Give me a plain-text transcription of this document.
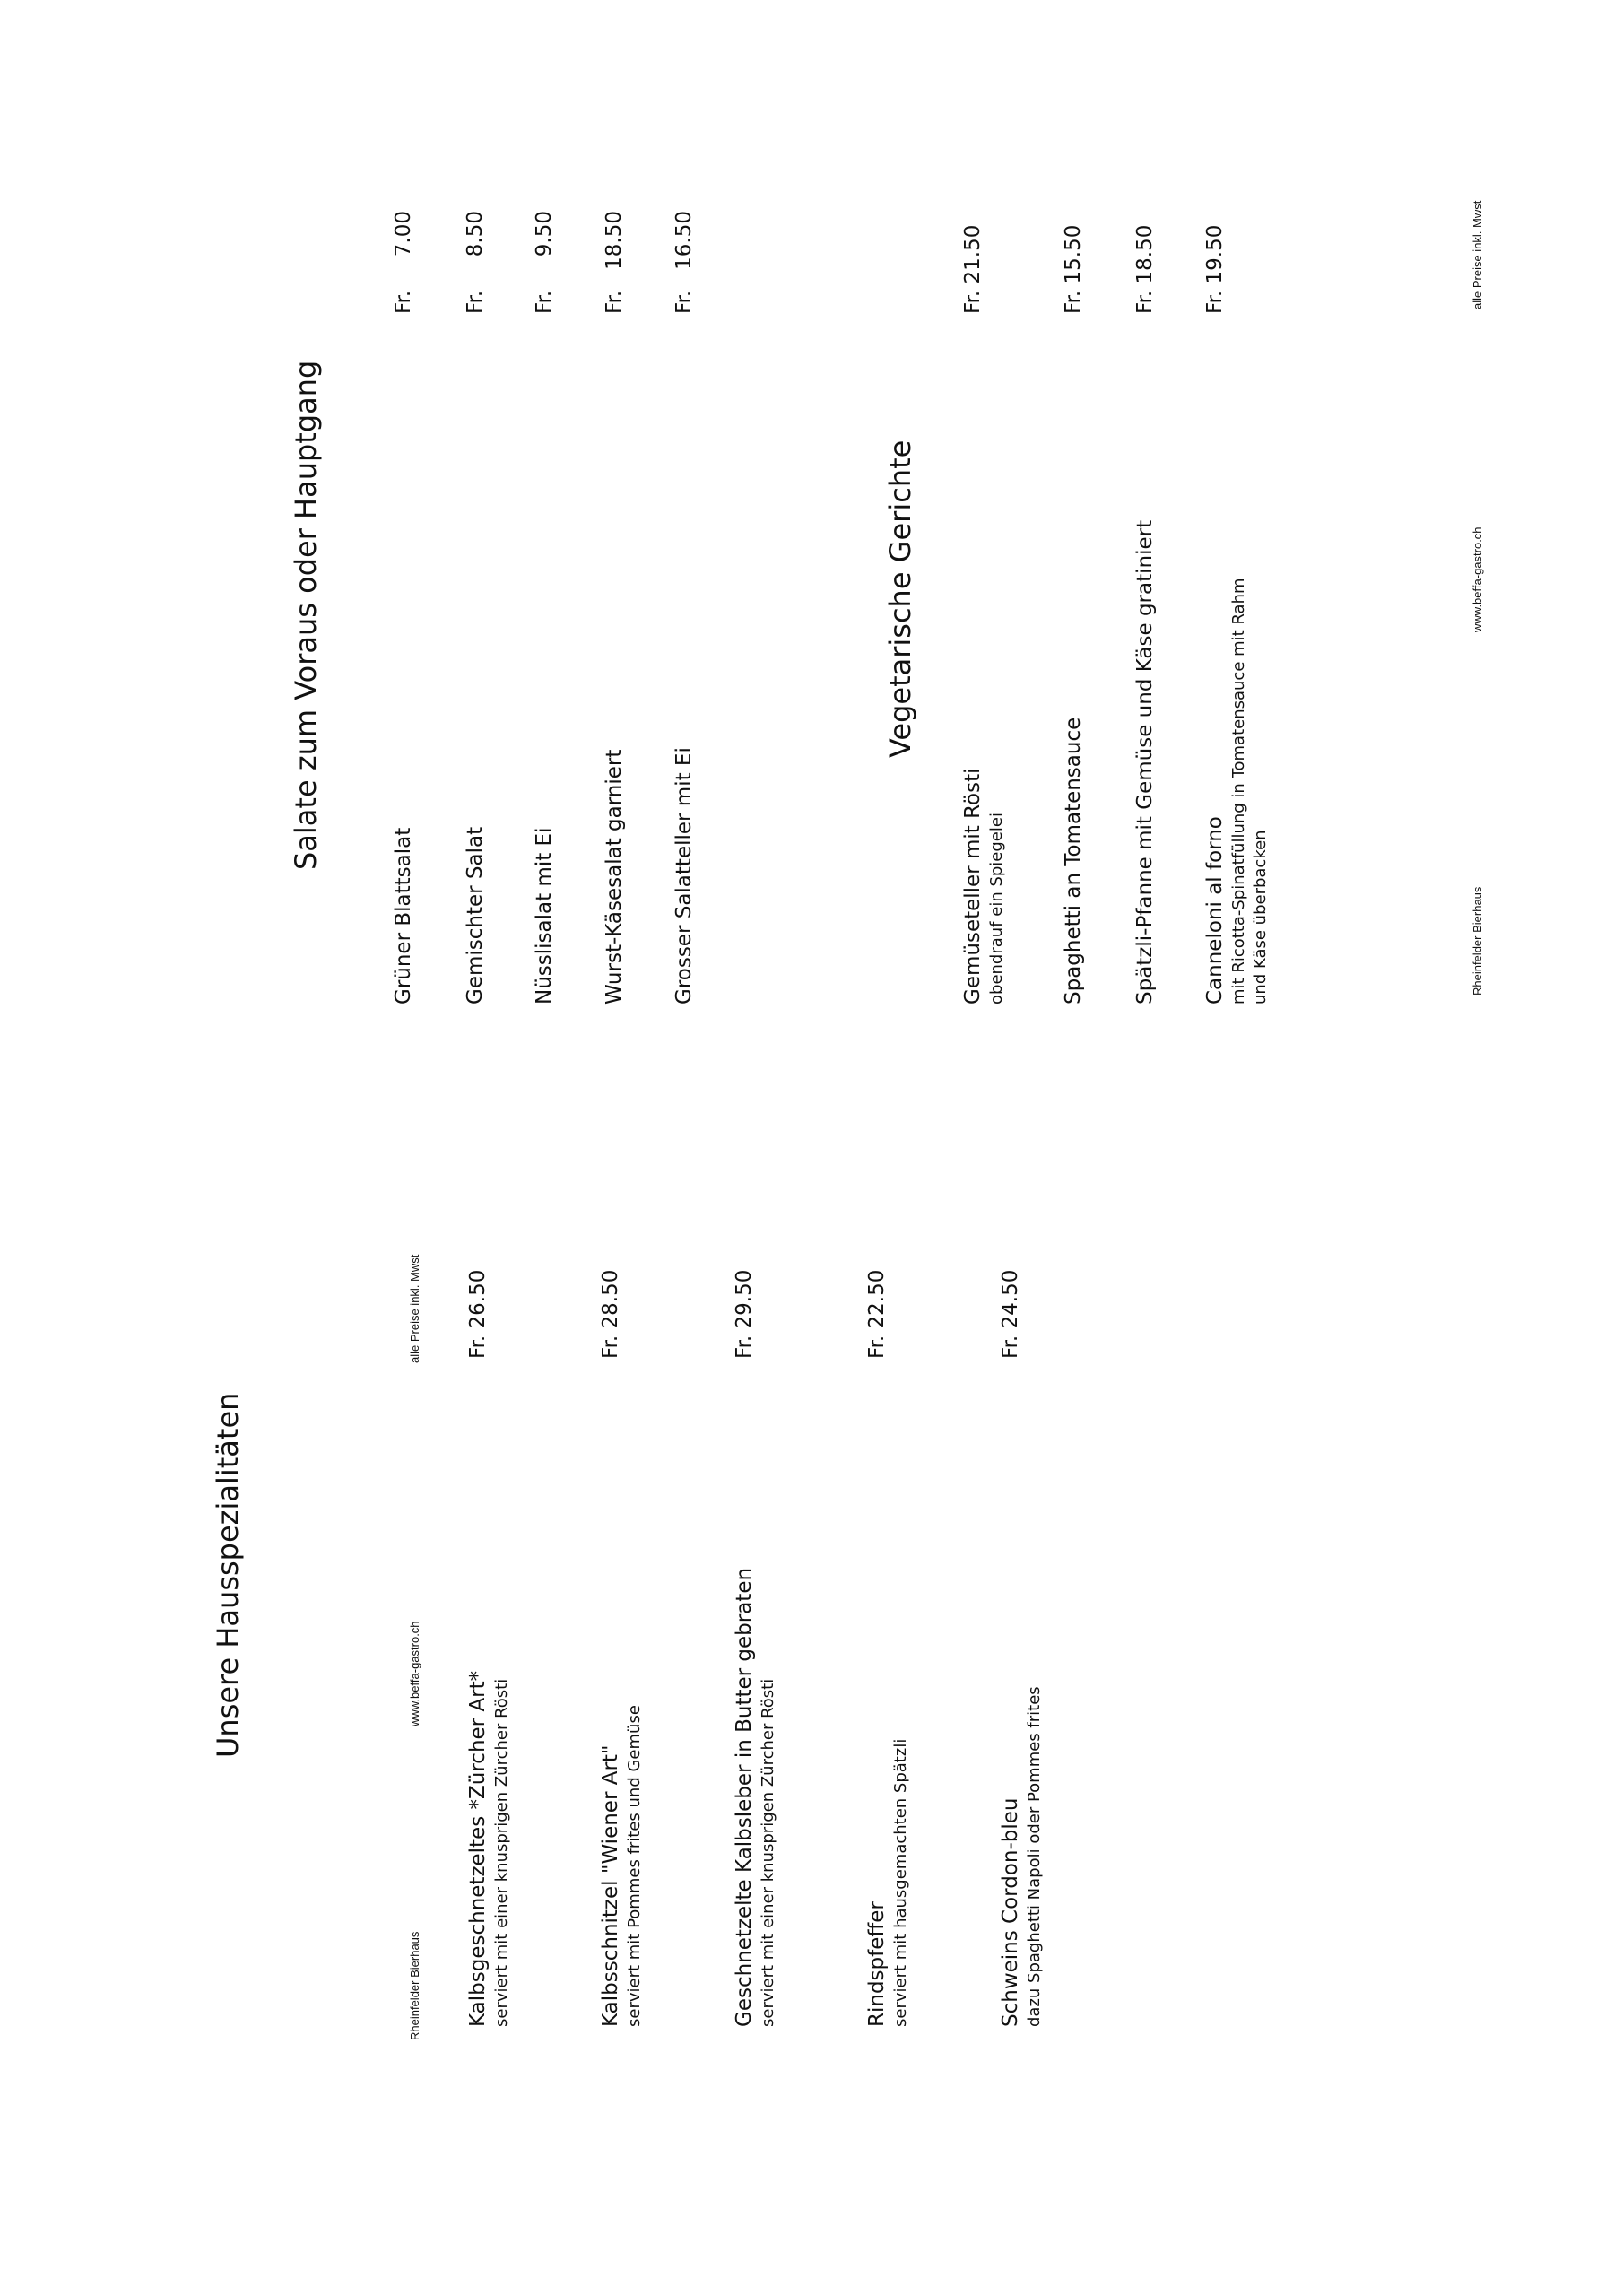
Unsere Hausspezialitäten
Kalbsgeschnetzeltes *Zürcher Art* serviert mit einer knusprigen Zürcher Rösti
Fr. 26.50
Kalbsschnitzel "Wiener Art" serviert mit Pommes frites und Gemüse
Fr. 28.50
Geschnetzelte Kalbsleber in Butter gebraten serviert mit einer knusprigen Zürcher Rösti
Fr. 29.50
Rindspfeffer serviert mit hausgemachten Spätzli
Fr. 22.50
Schweins Cordon-bleu dazu Spaghetti Napoli oder Pommes frites
Fr. 24.50
Rheinfelder Bierhaus
www.beffa-gastro.ch
alle Preise inkl. Mwst
Salate zum Voraus oder Hauptgang
Grüner Blattsalat
Fr.
7.00
Gemischter Salat
Fr.
8.50
Nüsslisalat mit Ei
Fr.
9.50
Wurst-Käsesalat garniert
Fr.
18.50
Grosser Salatteller mit Ei
Fr.
16.50
Vegetarische Gerichte
Gemüseteller mit Rösti obendrauf ein Spiegelei
Fr. 21.50
Spaghetti an Tomatensauce
Fr. 15.50
Spätzli-Pfanne mit Gemüse und Käse gratiniert
Fr. 18.50
Canneloni al forno mit Ricotta-Spinatfüllung in Tomatensauce mit Rahm und Käse überbacken
Fr. 19.50
Rheinfelder Bierhaus
www.beffa-gastro.ch
alle Preise inkl. Mwst
